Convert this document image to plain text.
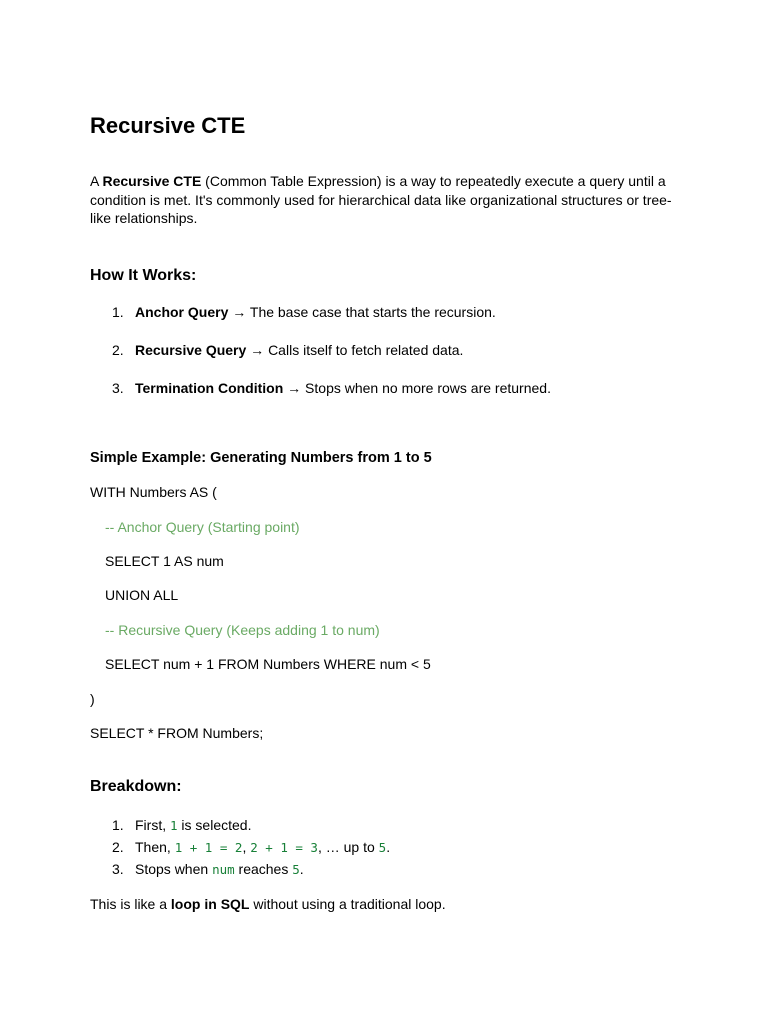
Recursive CTE

A Recursive CTE (Common Table Expression) is a way to repeatedly execute a query until a condition is met. It's commonly used for hierarchical data like organizational structures or tree-like relationships.

How It Works:
1. Anchor Query → The base case that starts the recursion.
2. Recursive Query → Calls itself to fetch related data.
3. Termination Condition → Stops when no more rows are returned.
Simple Example: Generating Numbers from 1 to 5
WITH Numbers AS (
-- Anchor Query (Starting point)
SELECT 1 AS num
UNION ALL
-- Recursive Query (Keeps adding 1 to num)
SELECT num + 1 FROM Numbers WHERE num < 5
)
SELECT * FROM Numbers;
Breakdown:
1. First, 1 is selected.
2. Then, 1 + 1 = 2, 2 + 1 = 3, … up to 5.
3. Stops when num reaches 5.
This is like a loop in SQL without using a traditional loop.
